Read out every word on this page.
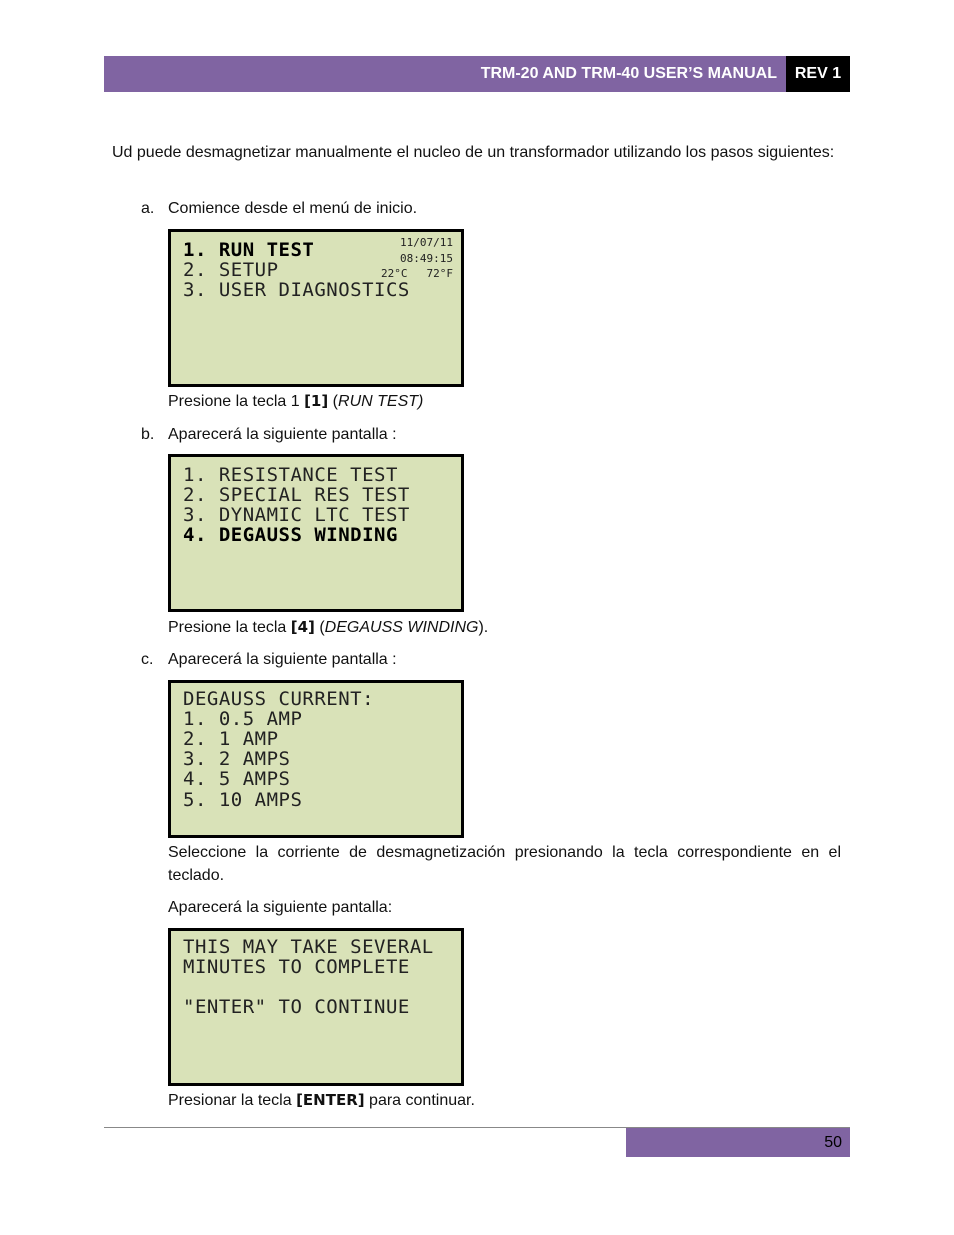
TRM-20 AND TRM-40 USER’S MANUAL	REV 1
Ud puede desmagnetizar manualmente el nucleo de un transformador utilizando los pasos siguientes:
a. Comience desde el menú de inicio.
1. RUN TEST
2. SETUP
3. USER DIAGNOSTICS
11/07/11
08:49:15
22°C 72°F
Presione la tecla 1 [1] (RUN TEST)
b. Aparecerá la siguiente pantalla :
1. RESISTANCE TEST
2. SPECIAL RES TEST
3. DYNAMIC LTC TEST
4. DEGAUSS WINDING
Presione la tecla [4] (DEGAUSS WINDING).
c. Aparecerá la siguiente pantalla :
DEGAUSS CURRENT:
1. 0.5 AMP
2. 1 AMP
3. 2 AMPS
4. 5 AMPS
5. 10 AMPS
Seleccione la corriente de desmagnetización presionando la tecla correspondiente en el teclado.
Aparecerá la siguiente pantalla:
THIS MAY TAKE SEVERAL
MINUTES TO COMPLETE
"ENTER" TO CONTINUE
Presionar la tecla [ENTER] para continuar.
50
